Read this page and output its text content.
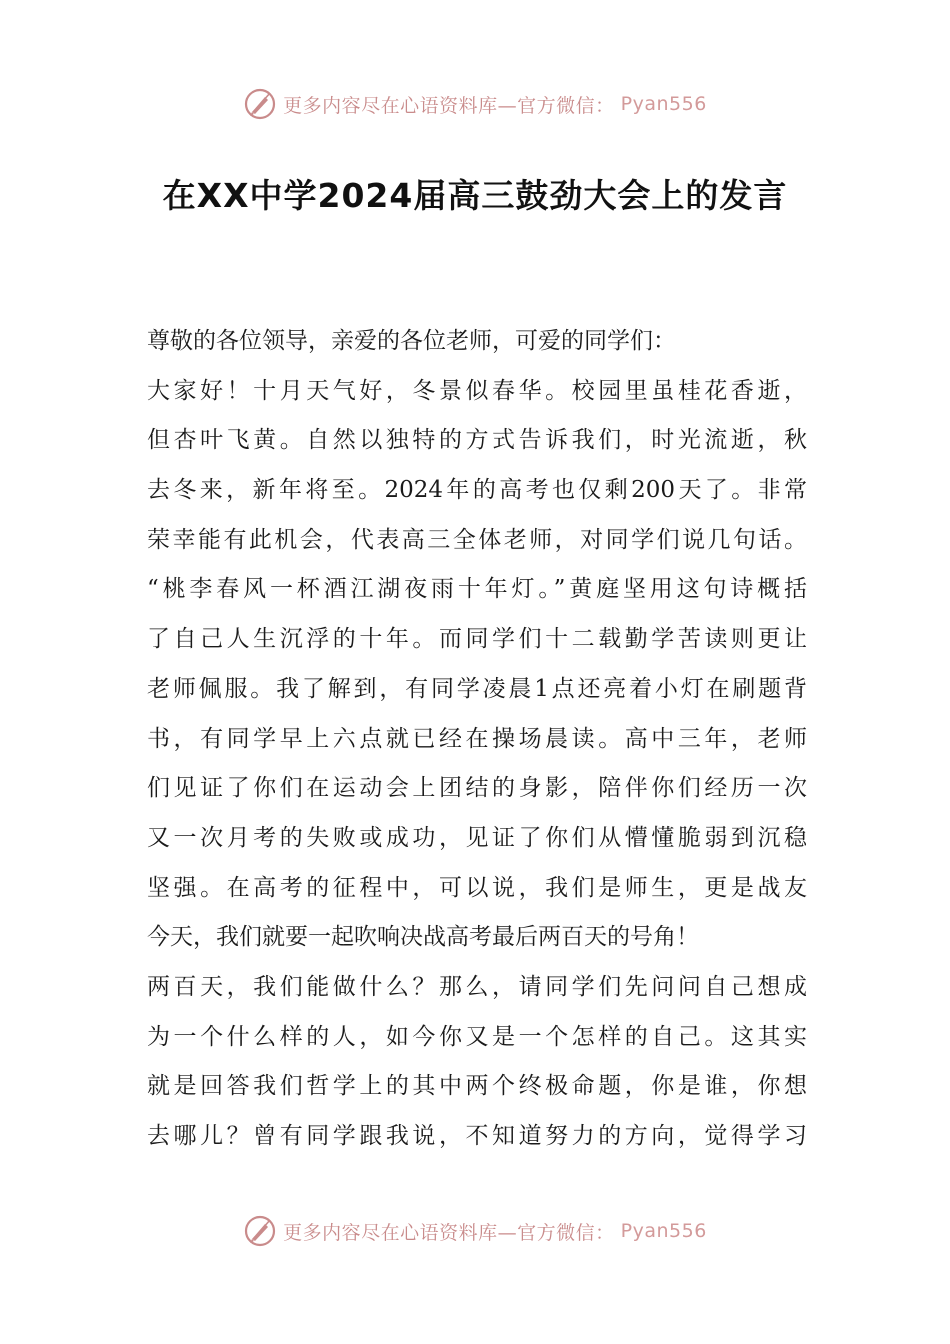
更多内容尽在心语资料库—官方微信： Pyan556
在XX中学2024届高三鼓劲大会上的发言
尊敬的各位领导，亲爱的各位老师，可爱的同学们：
大家好！十月天气好，冬景似春华。校园里虽桂花香逝，
但杏叶飞黄。自然以独特的方式告诉我们，时光流逝，秋
去冬来，新年将至。2024年的高考也仅剩200天了。非常
荣幸能有此机会，代表高三全体老师，对同学们说几句话。
“桃李春风一杯酒江湖夜雨十年灯。”黄庭坚用这句诗概括
了自己人生沉浮的十年。而同学们十二载勤学苦读则更让
老师佩服。我了解到，有同学凌晨1点还亮着小灯在刷题背
书，有同学早上六点就已经在操场晨读。高中三年，老师
们见证了你们在运动会上团结的身影，陪伴你们经历一次
又一次月考的失败或成功，见证了你们从懵懂脆弱到沉稳
坚强。在高考的征程中，可以说，我们是师生，更是战友
今天，我们就要一起吹响决战高考最后两百天的号角！
两百天，我们能做什么？那么，请同学们先问问自己想成
为一个什么样的人，如今你又是一个怎样的自己。这其实
就是回答我们哲学上的其中两个终极命题，你是谁，你想
去哪儿？曾有同学跟我说，不知道努力的方向，觉得学习
更多内容尽在心语资料库—官方微信： Pyan556
